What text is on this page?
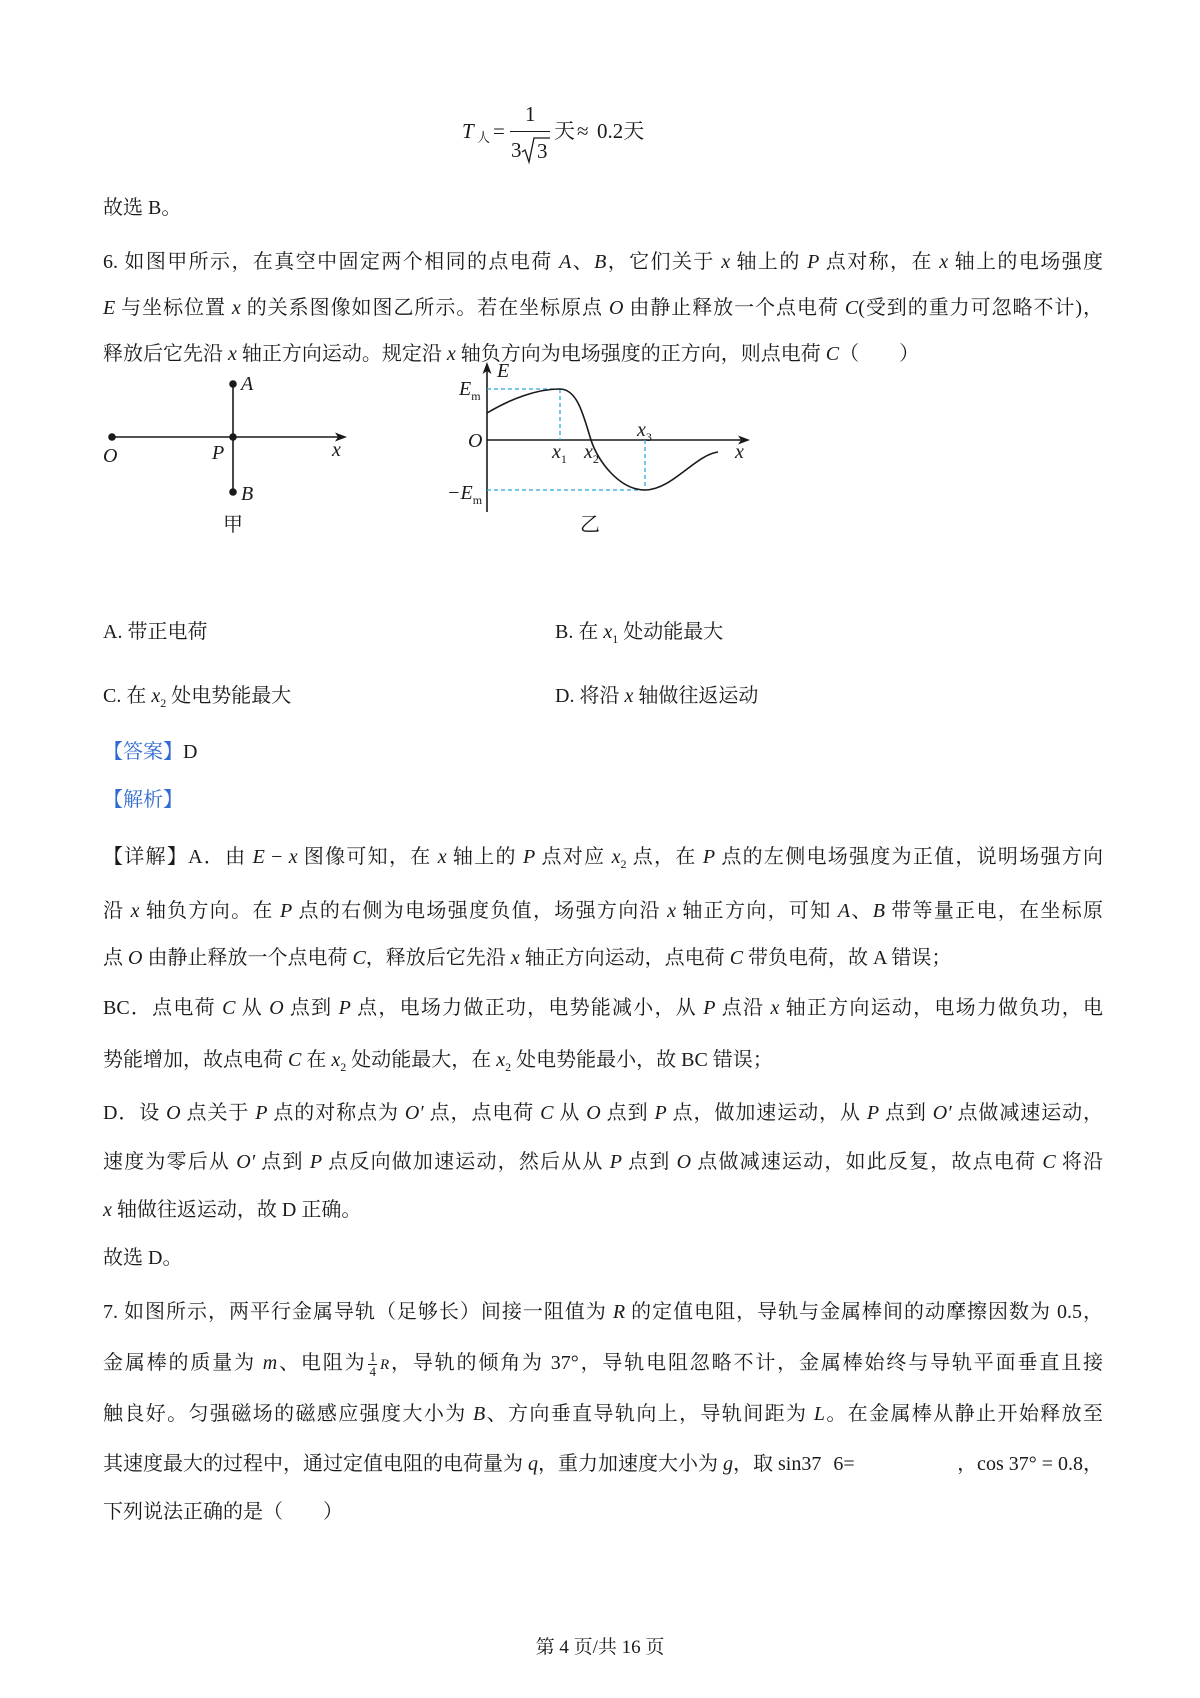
T 人 =
1
3 3
天 ≈ 0.2天
A
P
B
O	x
甲
E
x
O
$E_m$
$-E_m$
$x_1$ $x_2$
$x_3$
乙
故选 B。
6. 如图甲所示，在真空中固定两个相同的点电荷 A、B，它们关于 x 轴上的 P 点对称，在 x 轴上的电场强度
E 与坐标位置 x 的关系图像如图乙所示。若在坐标原点 O 由静止释放一个点电荷 C(受到的重力可忽略不计)，
释放后它先沿 x 轴正方向运动。规定沿 x 轴负方向为电场强度的正方向，则点电荷 C（　　）
A. 带正电荷	B. 在 $x_1$ 处动能最大
C. 在 $x_2$ 处电势能最大	D. 将沿 x 轴做往返运动
【答案】D
【解析】
【详解】A．由 E − x 图像可知，在 x 轴上的 P 点对应 $x_2$ 点，在 P 点的左侧电场强度为正值，说明场强方向
沿 x 轴负方向。在 P 点的右侧为电场强度负值，场强方向沿 x 轴正方向，可知 A、B 带等量正电，在坐标原
点 O 由静止释放一个点电荷 C，释放后它先沿 x 轴正方向运动，点电荷 C 带负电荷，故 A 错误；
BC．点电荷 C 从 O 点到 P 点，电场力做正功，电势能减小，从 P 点沿 x 轴正方向运动，电场力做负功，电
势能增加，故点电荷 C 在 $x_2$ 处动能最大，在 $x_2$ 处电势能最小，故 BC 错误；
D．设 O 点关于 P 点的对称点为 O′ 点，点电荷 C 从 O 点到 P 点，做加速运动，从 P 点到 O′ 点做减速运动，
速度为零后从 O′ 点到 P 点反向做加速运动，然后从从 P 点到 O 点做减速运动，如此反复，故点电荷 C 将沿
x 轴做往返运动，故 D 正确。
故选 D。
7. 如图所示，两平行金属导轨（足够长）间接一阻值为 R 的定值电阻，导轨与金属棒间的动摩擦因数为 0.5，
金属棒的质量为 m、电阻为 $\frac{1}{4}$ R，导轨的倾角为 37°，导轨电阻忽略不计，金属棒始终与导轨平面垂直且接
触良好。匀强磁场的磁感应强度大小为 B、方向垂直导轨向上，导轨间距为 L。在金属棒从静止开始释放至
其速度最大的过程中，通过定值电阻的电荷量为 q，重力加速度大小为 g，取 sin37 6=	，cos 37° = 0.8，
下列说法正确的是（　　）
第 4 页/共 16 页
